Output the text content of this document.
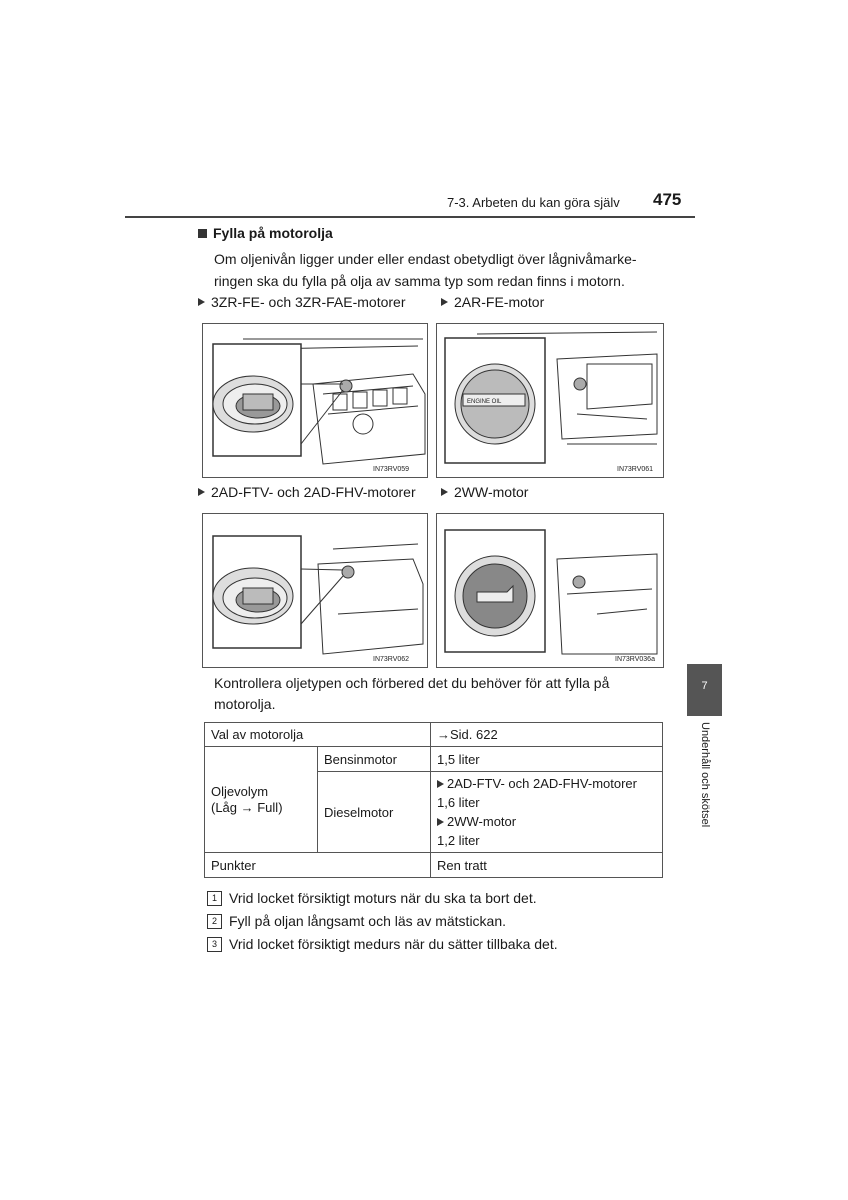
7-3. Arbeten du kan göra själv 475
Fylla på motorolja
Om oljenivån ligger under eller endast obetydligt över lågnivåmarke-ringen ska du fylla på olja av samma typ som redan finns i motorn.
3ZR-FE- och 3ZR-FAE-motorer	2AR-FE-motor
2AD-FTV- och 2AD-FHV-motorer	2WW-motor
IN73RV059
ENGINE OIL
IN73RV061
IN73RV062	IN73RV036a
Kontrollera oljetypen och förbered det du behöver för att fylla på motorolja.
Val av motorolja		→Sid. 622
Oljevolym
(Låg → Full)	Bensinmotor	1,5 liter
	Dieselmotor	2AD-FTV- och 2AD-FHV-motorer
1,6 liter
2WW-motor
1,2 liter

Punkter		Ren tratt
1 Vrid locket försiktigt moturs när du ska ta bort det.
2 Fyll på oljan långsamt och läs av mätstickan.
3 Vrid locket försiktigt medurs när du sätter tillbaka det.
7
Underhåll och skötsel
